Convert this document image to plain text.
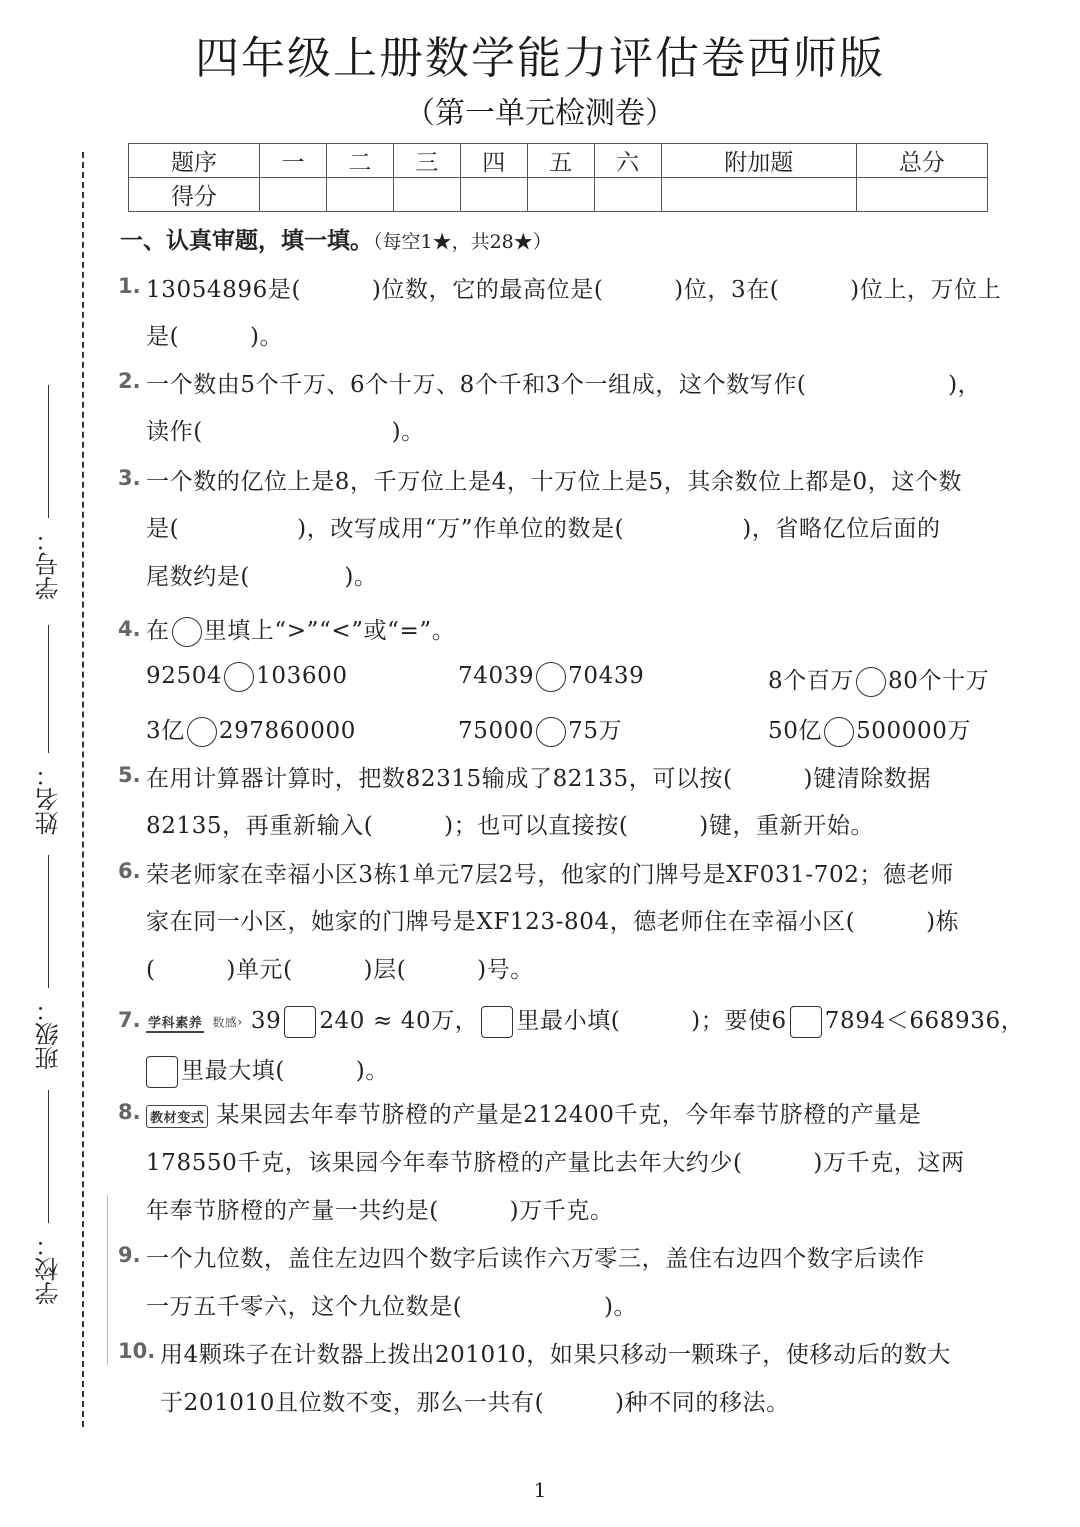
四年级上册数学能力评估卷西师版
（第一单元检测卷）
学号：
姓名：
班级：
学校：
题序	一	二	三	四	五	六	附加题	总分
得分								
一、认真审题，填一填。（每空1★，共28★）
1. 13054896是(　　　)位数，它的最高位是(　　　)位，3在(　　　)位上，万位上
是(　　　)。
2. 一个数由5个千万、6个十万、8个千和3个一组成，这个数写作(　　　　　　)，
读作(　　　　　　　　)。
3. 一个数的亿位上是8，千万位上是4，十万位上是5，其余数位上都是0，这个数
是(　　　　　)，改写成用“万”作单位的数是(　　　　　)，省略亿位后面的
尾数约是(　　　　)。
4. 在 里填上“>”“<”或“=”。
92504 103600	74039 70439	8个百万 80个十万
3亿 297860000	75000 75万	50亿 500000万
5. 在用计算器计算时，把数82315输成了82135，可以按(　　　)键清除数据
82135，再重新输入(　　　)；也可以直接按(　　　)键，重新开始。
6. 荣老师家在幸福小区3栋1单元7层2号，他家的门牌号是XF031-702；德老师
家在同一小区，她家的门牌号是XF123-804，德老师住在幸福小区(　　　)栋
(　　　)单元(　　　)层(　　　)号。
7. 学科素养 数感› 39 240 ≈ 40万， 里最小填(　　　)；要使6 7894＜668936，
里最大填(　　　)。
8. 教材变式 某果园去年奉节脐橙的产量是212400千克，今年奉节脐橙的产量是
178550千克，该果园今年奉节脐橙的产量比去年大约少(　　　)万千克，这两
年奉节脐橙的产量一共约是(　　　)万千克。
9. 一个九位数，盖住左边四个数字后读作六万零三，盖住右边四个数字后读作
一万五千零六，这个九位数是(　　　　　　)。
10. 用4颗珠子在计数器上拨出201010，如果只移动一颗珠子，使移动后的数大
于201010且位数不变，那么一共有(　　　)种不同的移法。
1
